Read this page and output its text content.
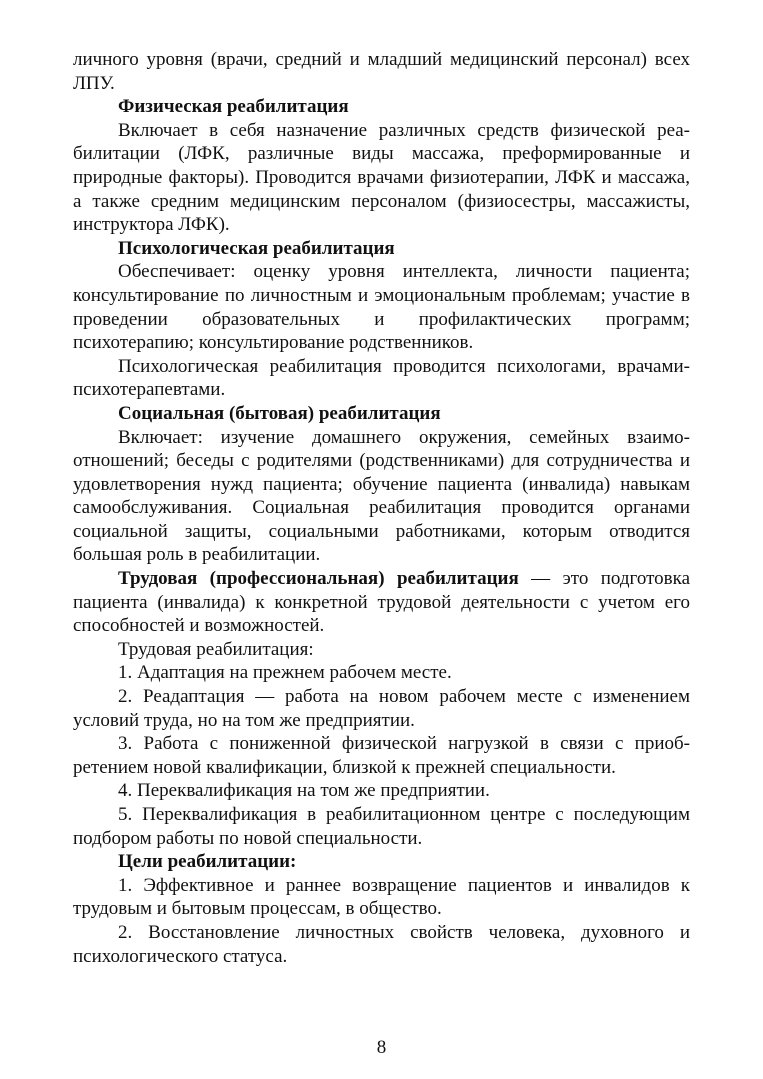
личного уровня (врачи, средний и младший медицинский персонал) всех ЛПУ.

Физическая реабилитация

Включает в себя назначение различных средств физической реабилитации (ЛФК, различные виды массажа, преформированные и природные факторы). Проводится врачами физиотерапии, ЛФК и массажа, а также средним медицинским персоналом (физиосестры, массажисты, инструктора ЛФК).

Психологическая реабилитация

Обеспечивает: оценку уровня интеллекта, личности пациента; консультирование по личностным и эмоциональным проблемам; участие в проведении образовательных и профилактических программ; психотерапию; консультирование родственников.

Психологическая реабилитация проводится психологами, врачами-психотерапевтами.

Социальная (бытовая) реабилитация

Включает: изучение домашнего окружения, семейных взаимоотношений; беседы с родителями (родственниками) для сотрудничества и удовлетворения нужд пациента; обучение пациента (инвалида) навыкам самообслуживания. Социальная реабилитация проводится органами социальной защиты, социальными работниками, которым отводится большая роль в реабилитации.

Трудовая (профессиональная) реабилитация — это подготовка пациента (инвалида) к конкретной трудовой деятельности с учетом его способностей и возможностей.

Трудовая реабилитация:

1. Адаптация на прежнем рабочем месте.

2. Реадаптация — работа на новом рабочем месте с изменением условий труда, но на том же предприятии.

3. Работа с пониженной физической нагрузкой в связи с приобретением новой квалификации, близкой к прежней специальности.

4. Переквалификация на том же предприятии.

5. Переквалификация в реабилитационном центре с последующим подбором работы по новой специальности.

Цели реабилитации:

1. Эффективное и раннее возвращение пациентов и инвалидов к трудовым и бытовым процессам, в общество.

2. Восстановление личностных свойств человека, духовного и психологического статуса.

8
